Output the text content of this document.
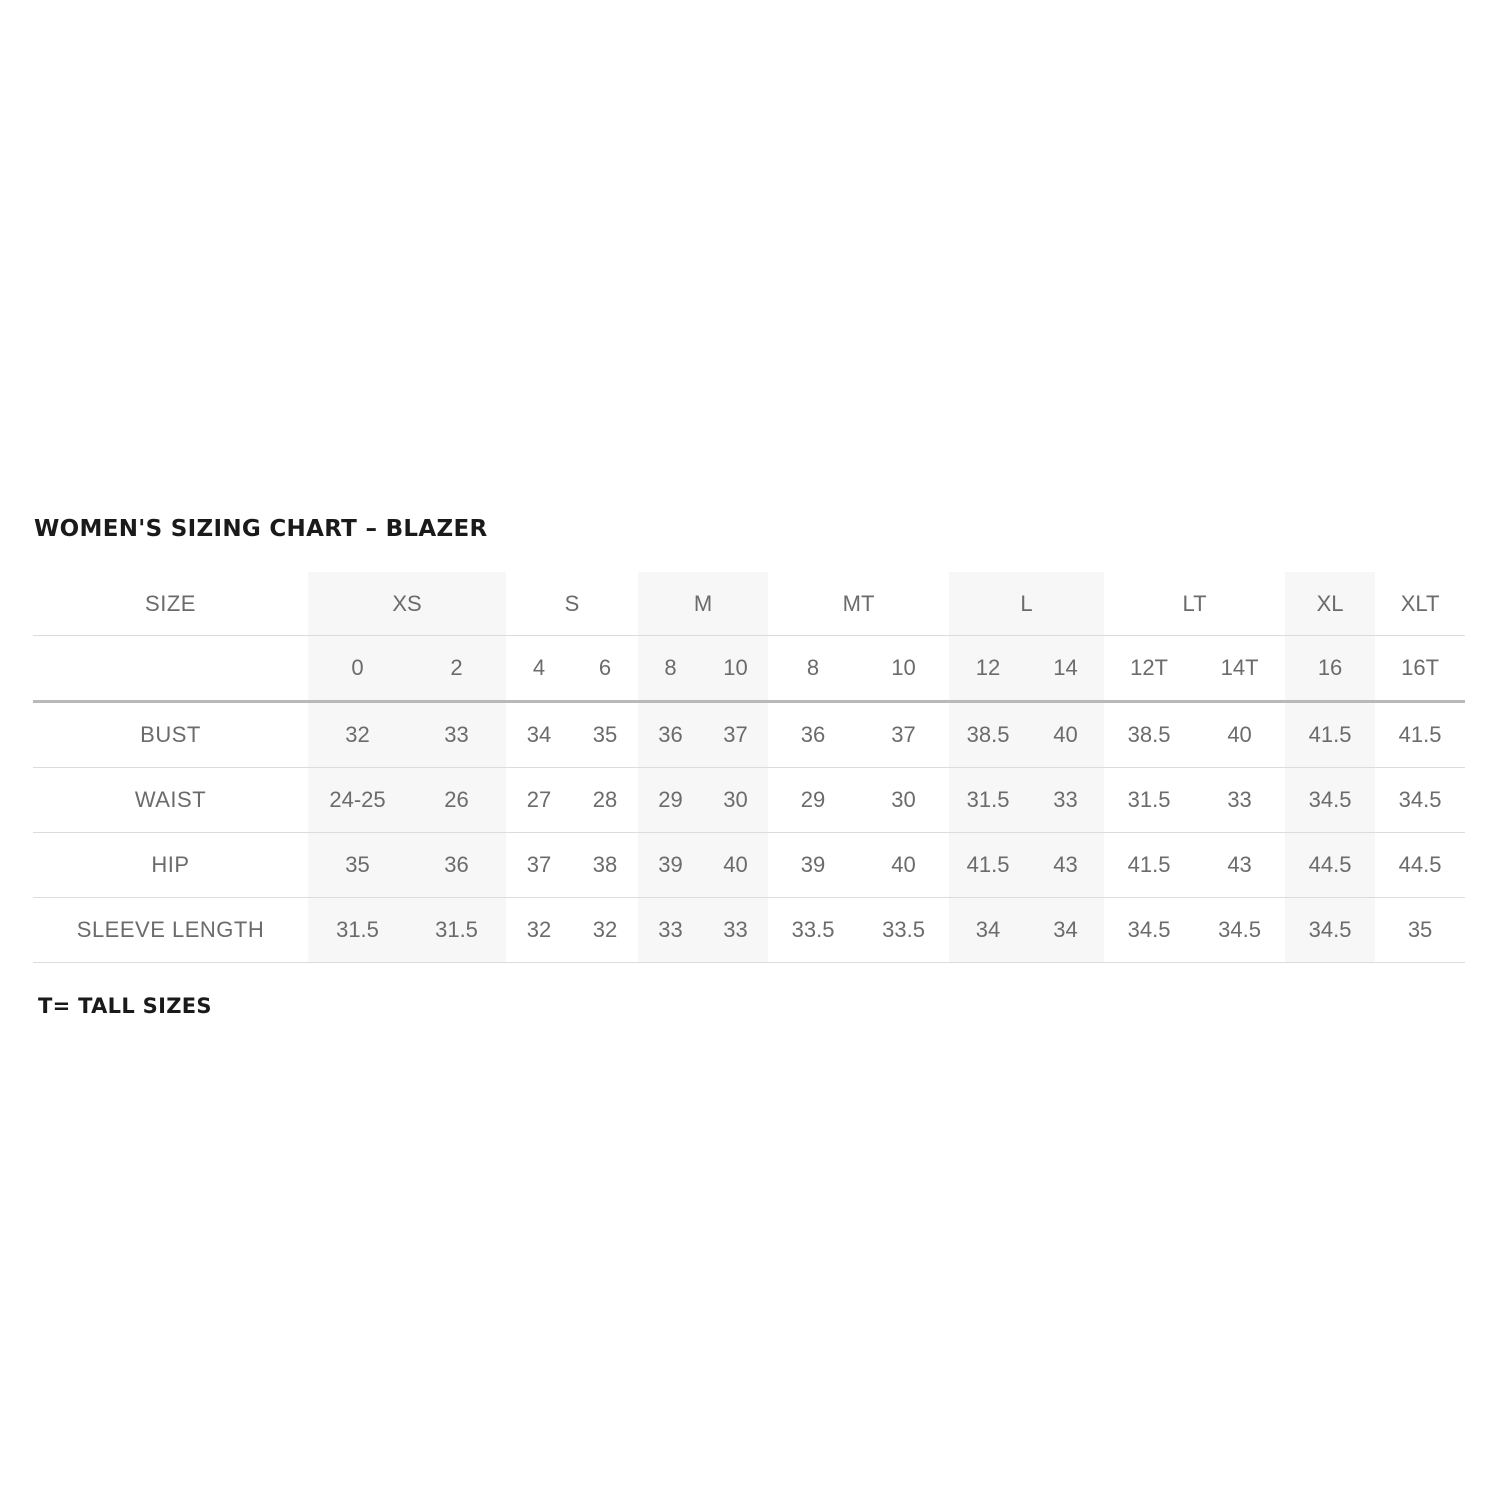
WOMEN'S SIZING CHART – BLAZER
SIZE	XS		S		M		MT		L		LT		XL	XLT
	0	2	4	6	8	10	8	10	12	14	12T	14T	16	16T
BUST	32	33	34	35	36	37	36	37	38.5	40	38.5	40	41.5	41.5
WAIST	24-25	26	27	28	29	30	29	30	31.5	33	31.5	33	34.5	34.5
HIP	35	36	37	38	39	40	39	40	41.5	43	41.5	43	44.5	44.5
SLEEVE LENGTH	31.5	31.5	32	32	33	33	33.5	33.5	34	34	34.5	34.5	34.5	35

T= TALL SIZES
